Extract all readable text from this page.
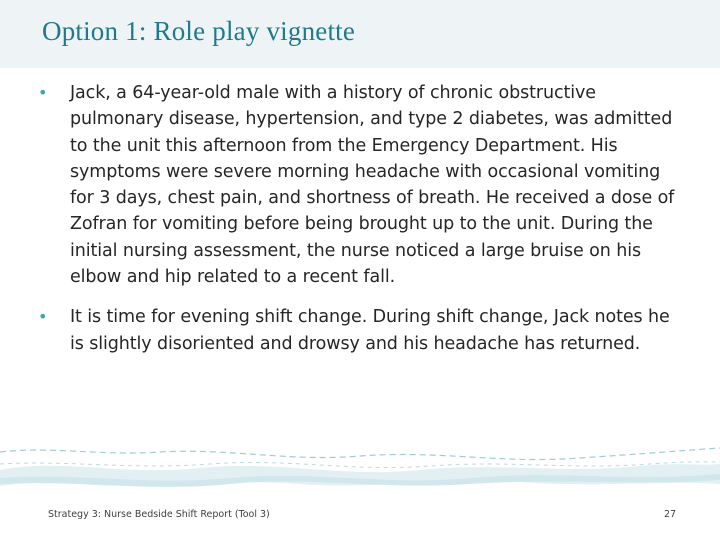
Option 1: Role play vignette
• Jack, a 64-year-old male with a history of chronic obstructive pulmonary disease, hypertension, and type 2 diabetes, was admitted to the unit this afternoon from the Emergency Department. His symptoms were severe morning headache with occasional vomiting for 3 days, chest pain, and shortness of breath. He received a dose of Zofran for vomiting before being brought up to the unit. During the initial nursing assessment, the nurse noticed a large bruise on his elbow and hip related to a recent fall.
• It is time for evening shift change. During shift change, Jack notes he is slightly disoriented and drowsy and his headache has returned.
Strategy 3: Nurse Bedside Shift Report (Tool 3)	27
